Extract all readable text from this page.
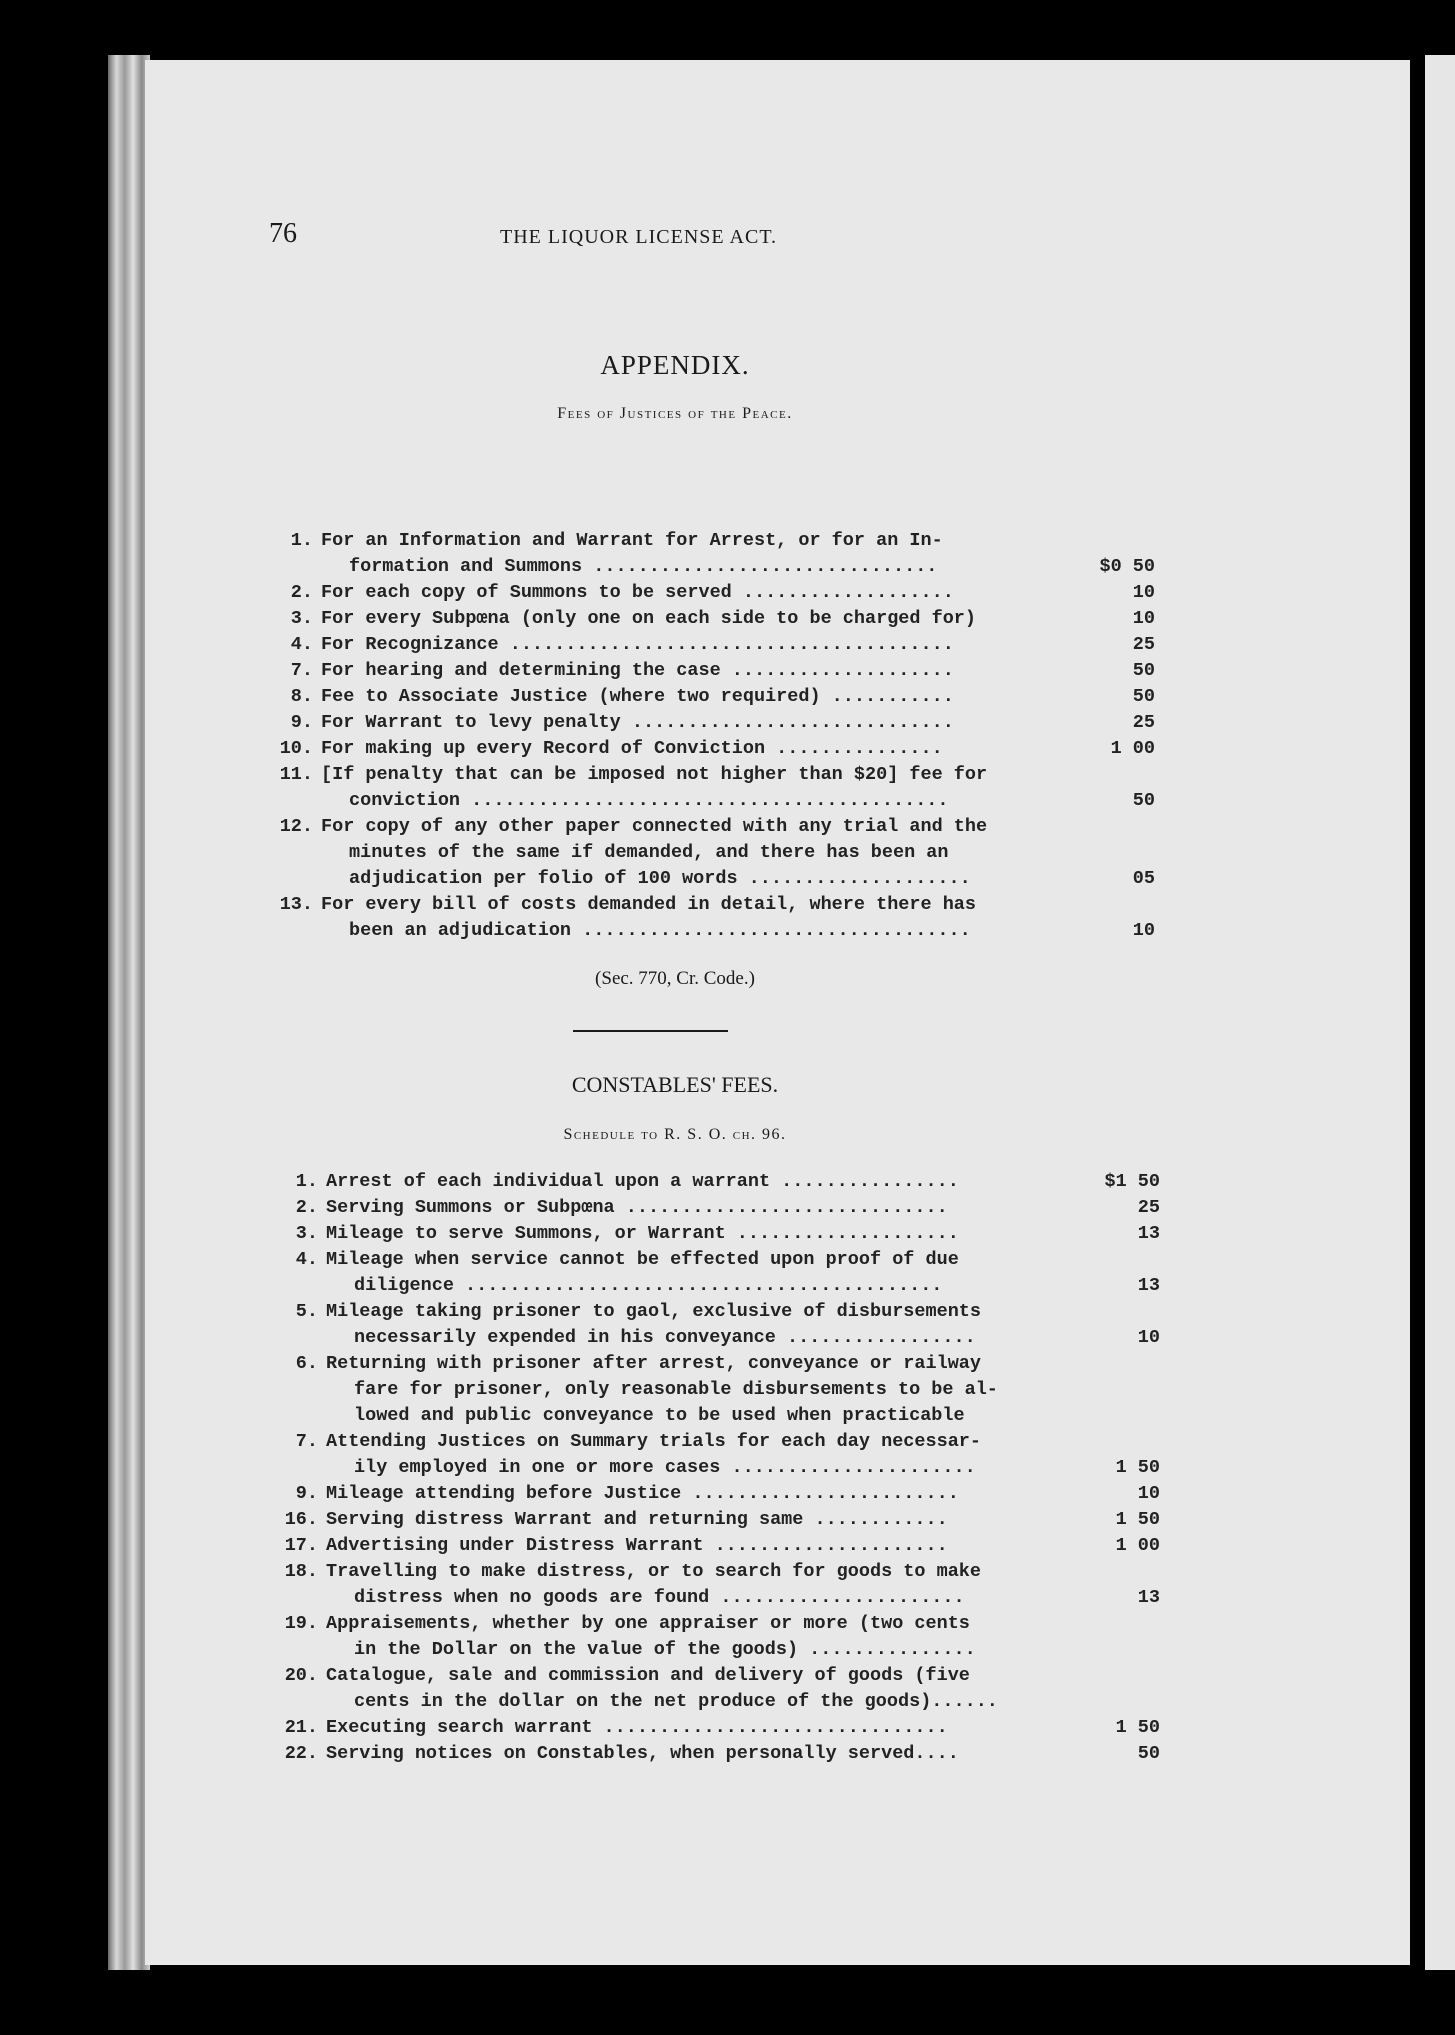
76	THE LIQUOR LICENSE ACT.

APPENDIX.
Fees of Justices of the Peace.
1. For an Information and Warrant for Arrest, or for an In-
formation and Summons ...............................	$0 50
2. For each copy of Summons to be served ...................	10
3. For every Subpœna (only one on each side to be charged for)	10
4. For Recognizance ........................................	25
7. For hearing and determining the case ....................	50
8. Fee to Associate Justice (where two required) ...........	50
9. For Warrant to levy penalty .............................	25
10. For making up every Record of Conviction ...............	1 00
11. [If penalty that can be imposed not higher than $20] fee for
conviction ...........................................	50
12. For copy of any other paper connected with any trial and the
minutes of the same if demanded, and there has been an
adjudication per folio of 100 words ....................	05
13. For every bill of costs demanded in detail, where there has
been an adjudication ...................................	10

(Sec. 770, Cr. Code.)

CONSTABLES' FEES.
Schedule to R. S. O. ch. 96.
1. Arrest of each individual upon a warrant ................	$1 50
2. Serving Summons or Subpœna .............................	25
3. Mileage to serve Summons, or Warrant ....................	13
4. Mileage when service cannot be effected upon proof of due
diligence ...........................................	13
5. Mileage taking prisoner to gaol, exclusive of disbursements
necessarily expended in his conveyance .................	10
6. Returning with prisoner after arrest, conveyance or railway
fare for prisoner, only reasonable disbursements to be al-
lowed and public conveyance to be used when practicable
7. Attending Justices on Summary trials for each day necessar-
ily employed in one or more cases ......................	1 50
9. Mileage attending before Justice ........................	10
16. Serving distress Warrant and returning same ............	1 50
17. Advertising under Distress Warrant .....................	1 00
18. Travelling to make distress, or to search for goods to make
distress when no goods are found ......................	13
19. Appraisements, whether by one appraiser or more (two cents
in the Dollar on the value of the goods) ...............
20. Catalogue, sale and commission and delivery of goods (five
cents in the dollar on the net produce of the goods)......
21. Executing search warrant ...............................	1 50
22. Serving notices on Constables, when personally served....	50
